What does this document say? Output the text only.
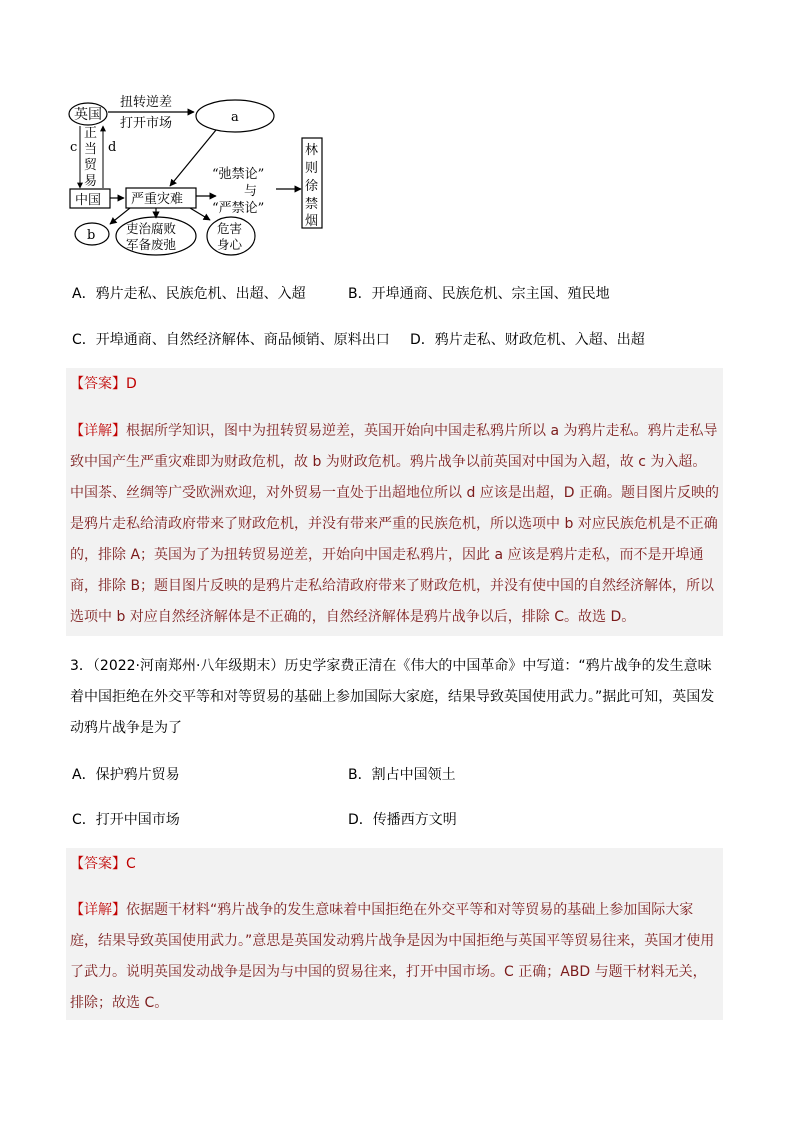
英国
扭转逆差
打开市场	a
正
当
贸
易
c d
中国 严重灾难
“弛禁论”
与
“严禁论”
林
则
徐
禁
烟
b 吏治腐败
军备废弛
危害
身心
A．鸦片走私、民族危机、出超、入超	B．开埠通商、民族危机、宗主国、殖民地
C．开埠通商、自然经济解体、商品倾销、原料出口 D．鸦片走私、财政危机、入超、出超
【答案】D
【详解】根据所学知识，图中为扭转贸易逆差，英国开始向中国走私鸦片所以 a 为鸦片走私。鸦片走私导致中国产生严重灾难即为财政危机，故 b 为财政危机。鸦片战争以前英国对中国为入超，故 c 为入超。中国茶、丝绸等广受欧洲欢迎，对外贸易一直处于出超地位所以 d 应该是出超，D 正确。题目图片反映的是鸦片走私给清政府带来了财政危机，并没有带来严重的民族危机，所以选项中 b 对应民族危机是不正确的，排除 A；英国为了为扭转贸易逆差，开始向中国走私鸦片，因此 a 应该是鸦片走私，而不是开埠通商，排除 B；题目图片反映的是鸦片走私给清政府带来了财政危机，并没有使中国的自然经济解体，所以选项中 b 对应自然经济解体是不正确的，自然经济解体是鸦片战争以后，排除 C。故选 D。
3．（2022·河南郑州·八年级期末）历史学家费正清在《伟大的中国革命》中写道：“鸦片战争的发生意味着中国拒绝在外交平等和对等贸易的基础上参加国际大家庭，结果导致英国使用武力。”据此可知，英国发动鸦片战争是为了
A．保护鸦片贸易	B．割占中国领土
C．打开中国市场	D．传播西方文明
【答案】C
【详解】依据题干材料“鸦片战争的发生意味着中国拒绝在外交平等和对等贸易的基础上参加国际大家庭，结果导致英国使用武力。”意思是英国发动鸦片战争是因为中国拒绝与英国平等贸易往来，英国才使用了武力。说明英国发动战争是因为与中国的贸易往来，打开中国市场。C 正确；ABD 与题干材料无关，排除；故选 C。
